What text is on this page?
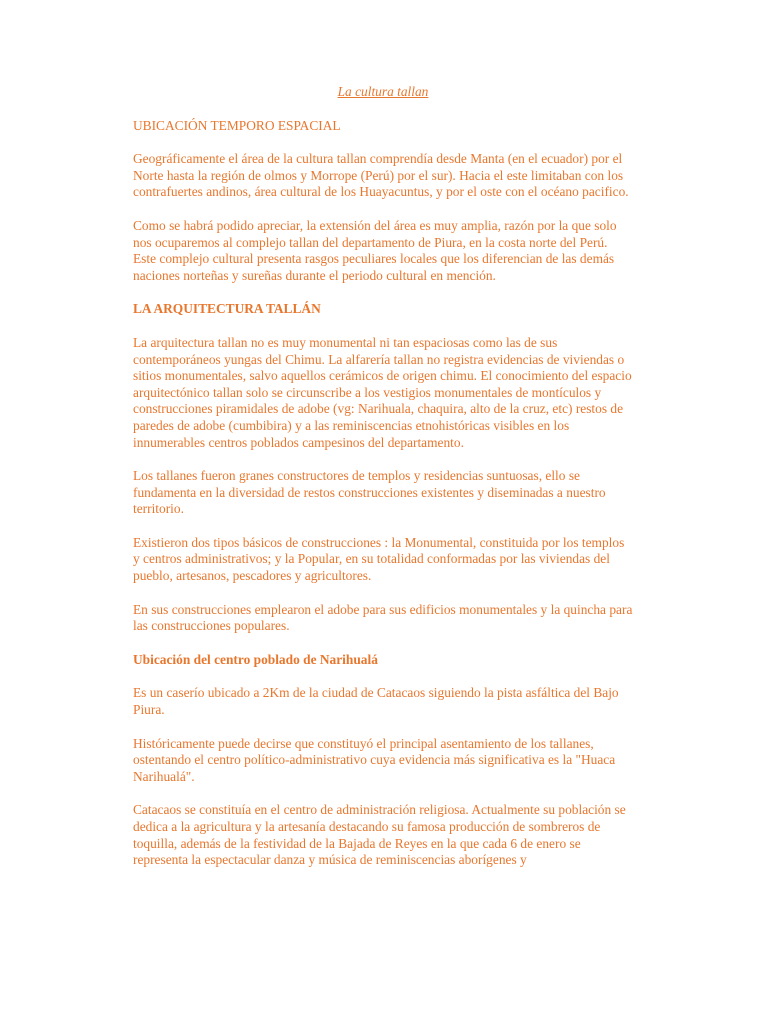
La cultura tallan
UBICACIÓN TEMPORO ESPACIAL
Geográficamente el área de la cultura tallan comprendía desde Manta (en el ecuador) por el Norte hasta la región de olmos y Morrope (Perú) por el sur). Hacia el este limitaban con los contrafuertes andinos, área cultural de los Huayacuntus, y por el oste con el océano pacifico.
Como se habrá podido apreciar, la extensión del área es muy amplia, razón por la que solo nos ocuparemos al complejo tallan del departamento de Piura, en la costa norte del Perú. Este complejo cultural presenta rasgos peculiares locales que los diferencian de las demás naciones norteñas y sureñas durante el periodo cultural en mención.
LA ARQUITECTURA TALLÁN
La arquitectura tallan no es muy monumental ni tan espaciosas como las de sus contemporáneos yungas del Chimu. La alfarería tallan no registra evidencias de viviendas o sitios monumentales, salvo aquellos cerámicos de origen chimu. El conocimiento del espacio arquitectónico tallan solo se circunscribe a los vestigios monumentales de montículos y construcciones piramidales de adobe (vg: Narihuala, chaquira, alto de la cruz, etc) restos de paredes de adobe (cumbibira) y a las reminiscencias etnohistóricas visibles en los innumerables centros poblados campesinos del departamento.
Los tallanes fueron granes constructores de templos y residencias suntuosas, ello se fundamenta en la diversidad de restos construcciones existentes y diseminadas a nuestro territorio.
Existieron dos tipos básicos de construcciones : la Monumental, constituida por los templos y centros administrativos; y la Popular, en su totalidad conformadas por las viviendas del pueblo, artesanos, pescadores y agricultores.
En sus construcciones emplearon el adobe para sus edificios monumentales y la quincha para las construcciones populares.
Ubicación del centro poblado de Narihualá
Es un caserío ubicado a 2Km de la ciudad de Catacaos siguiendo la pista asfáltica del Bajo Piura.
Históricamente puede decirse que constituyó el principal asentamiento de los tallanes, ostentando el centro político-administrativo cuya evidencia más significativa es la "Huaca Narihualá".
Catacaos se constituía en el centro de administración religiosa. Actualmente su población se dedica a la agricultura y la artesanía destacando su famosa producción de sombreros de toquilla, además de la festividad de la Bajada de Reyes en la que cada 6 de enero se representa la espectacular danza y música de reminiscencias aborígenes y
